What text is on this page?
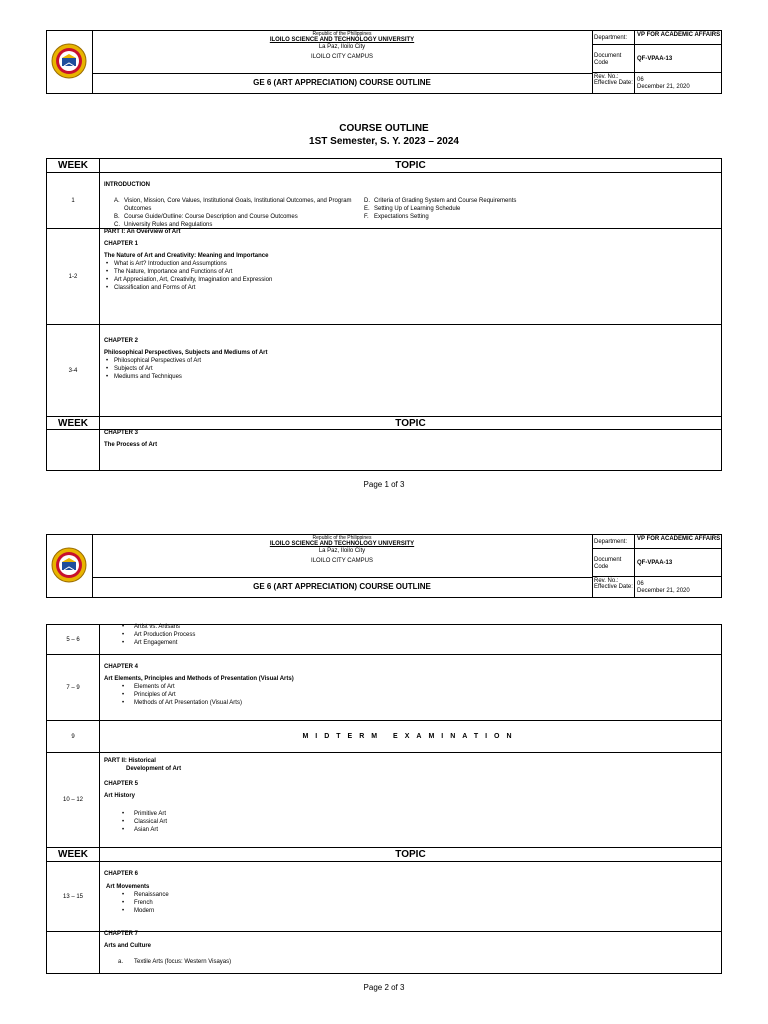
Republic of the Philippines
ILOILO SCIENCE AND TECHNOLOGY UNIVERSITY
La Paz, Iloilo City
ILOILO CITY CAMPUS
GE 6 (ART APPRECIATION) COURSE OUTLINE
Department:	VP FOR ACADEMIC AFFAIRS
Document Code
QF-VPAA-13
Rev. No.: Effective Date: 06
December 21, 2020
COURSE OUTLINE
1ST Semester, S. Y. 2023 – 2024
WEEK	TOPIC
1
INTRODUCTION
A. Vision, Mission, Core Values, Institutional Goals, Institutional Outcomes, and Program Outcomes
B. Course Guide/Outline: Course Description and Course Outcomes
C. University Rules and Regulations
D. Criteria of Grading System and Course Requirements
E. Setting Up of Learning Schedule
F. Expectations Setting
1-2
PART I: An Overview of Art
CHAPTER 1
The Nature of Art and Creativity: Meaning and Importance
• What is Art? Introduction and Assumptions
• The Nature, Importance and Functions of Art
• Art Appreciation, Art, Creativity, Imagination and Expression
• Classification and Forms of Art
3-4
CHAPTER 2
Philosophical Perspectives, Subjects and Mediums of Art
• Philosophical Perspectives of Art
• Subjects of Art
• Mediums and Techniques
WEEK	TOPIC
CHAPTER 3
The Process of Art
Page 1 of 3
Republic of the Philippines
ILOILO SCIENCE AND TECHNOLOGY UNIVERSITY
La Paz, Iloilo City
ILOILO CITY CAMPUS
GE 6 (ART APPRECIATION) COURSE OUTLINE
Department:	VP FOR ACADEMIC AFFAIRS
Document Code
QF-VPAA-13
Rev. No.: Effective Date: 06
December 21, 2020
5 – 6
• Artist vs. Artisans
• Art Production Process
• Art Engagement
7 – 9
CHAPTER 4
Art Elements, Principles and Methods of Presentation (Visual Arts)
• Elements of Art
• Principles of Art
• Methods of Art Presentation (Visual Arts)
9	MIDTERM EXAMINATION
10 – 12
PART II: Historical
Development of Art
CHAPTER 5
Art History
• Primitive Art
• Classical Art
• Asian Art
WEEK	TOPIC
13 – 15
CHAPTER 6
Art Movements
• Renaissance
• French
• Modern
CHAPTER 7
Arts and Culture
a. Textile Arts (focus: Western Visayas)
Page 2 of 3
